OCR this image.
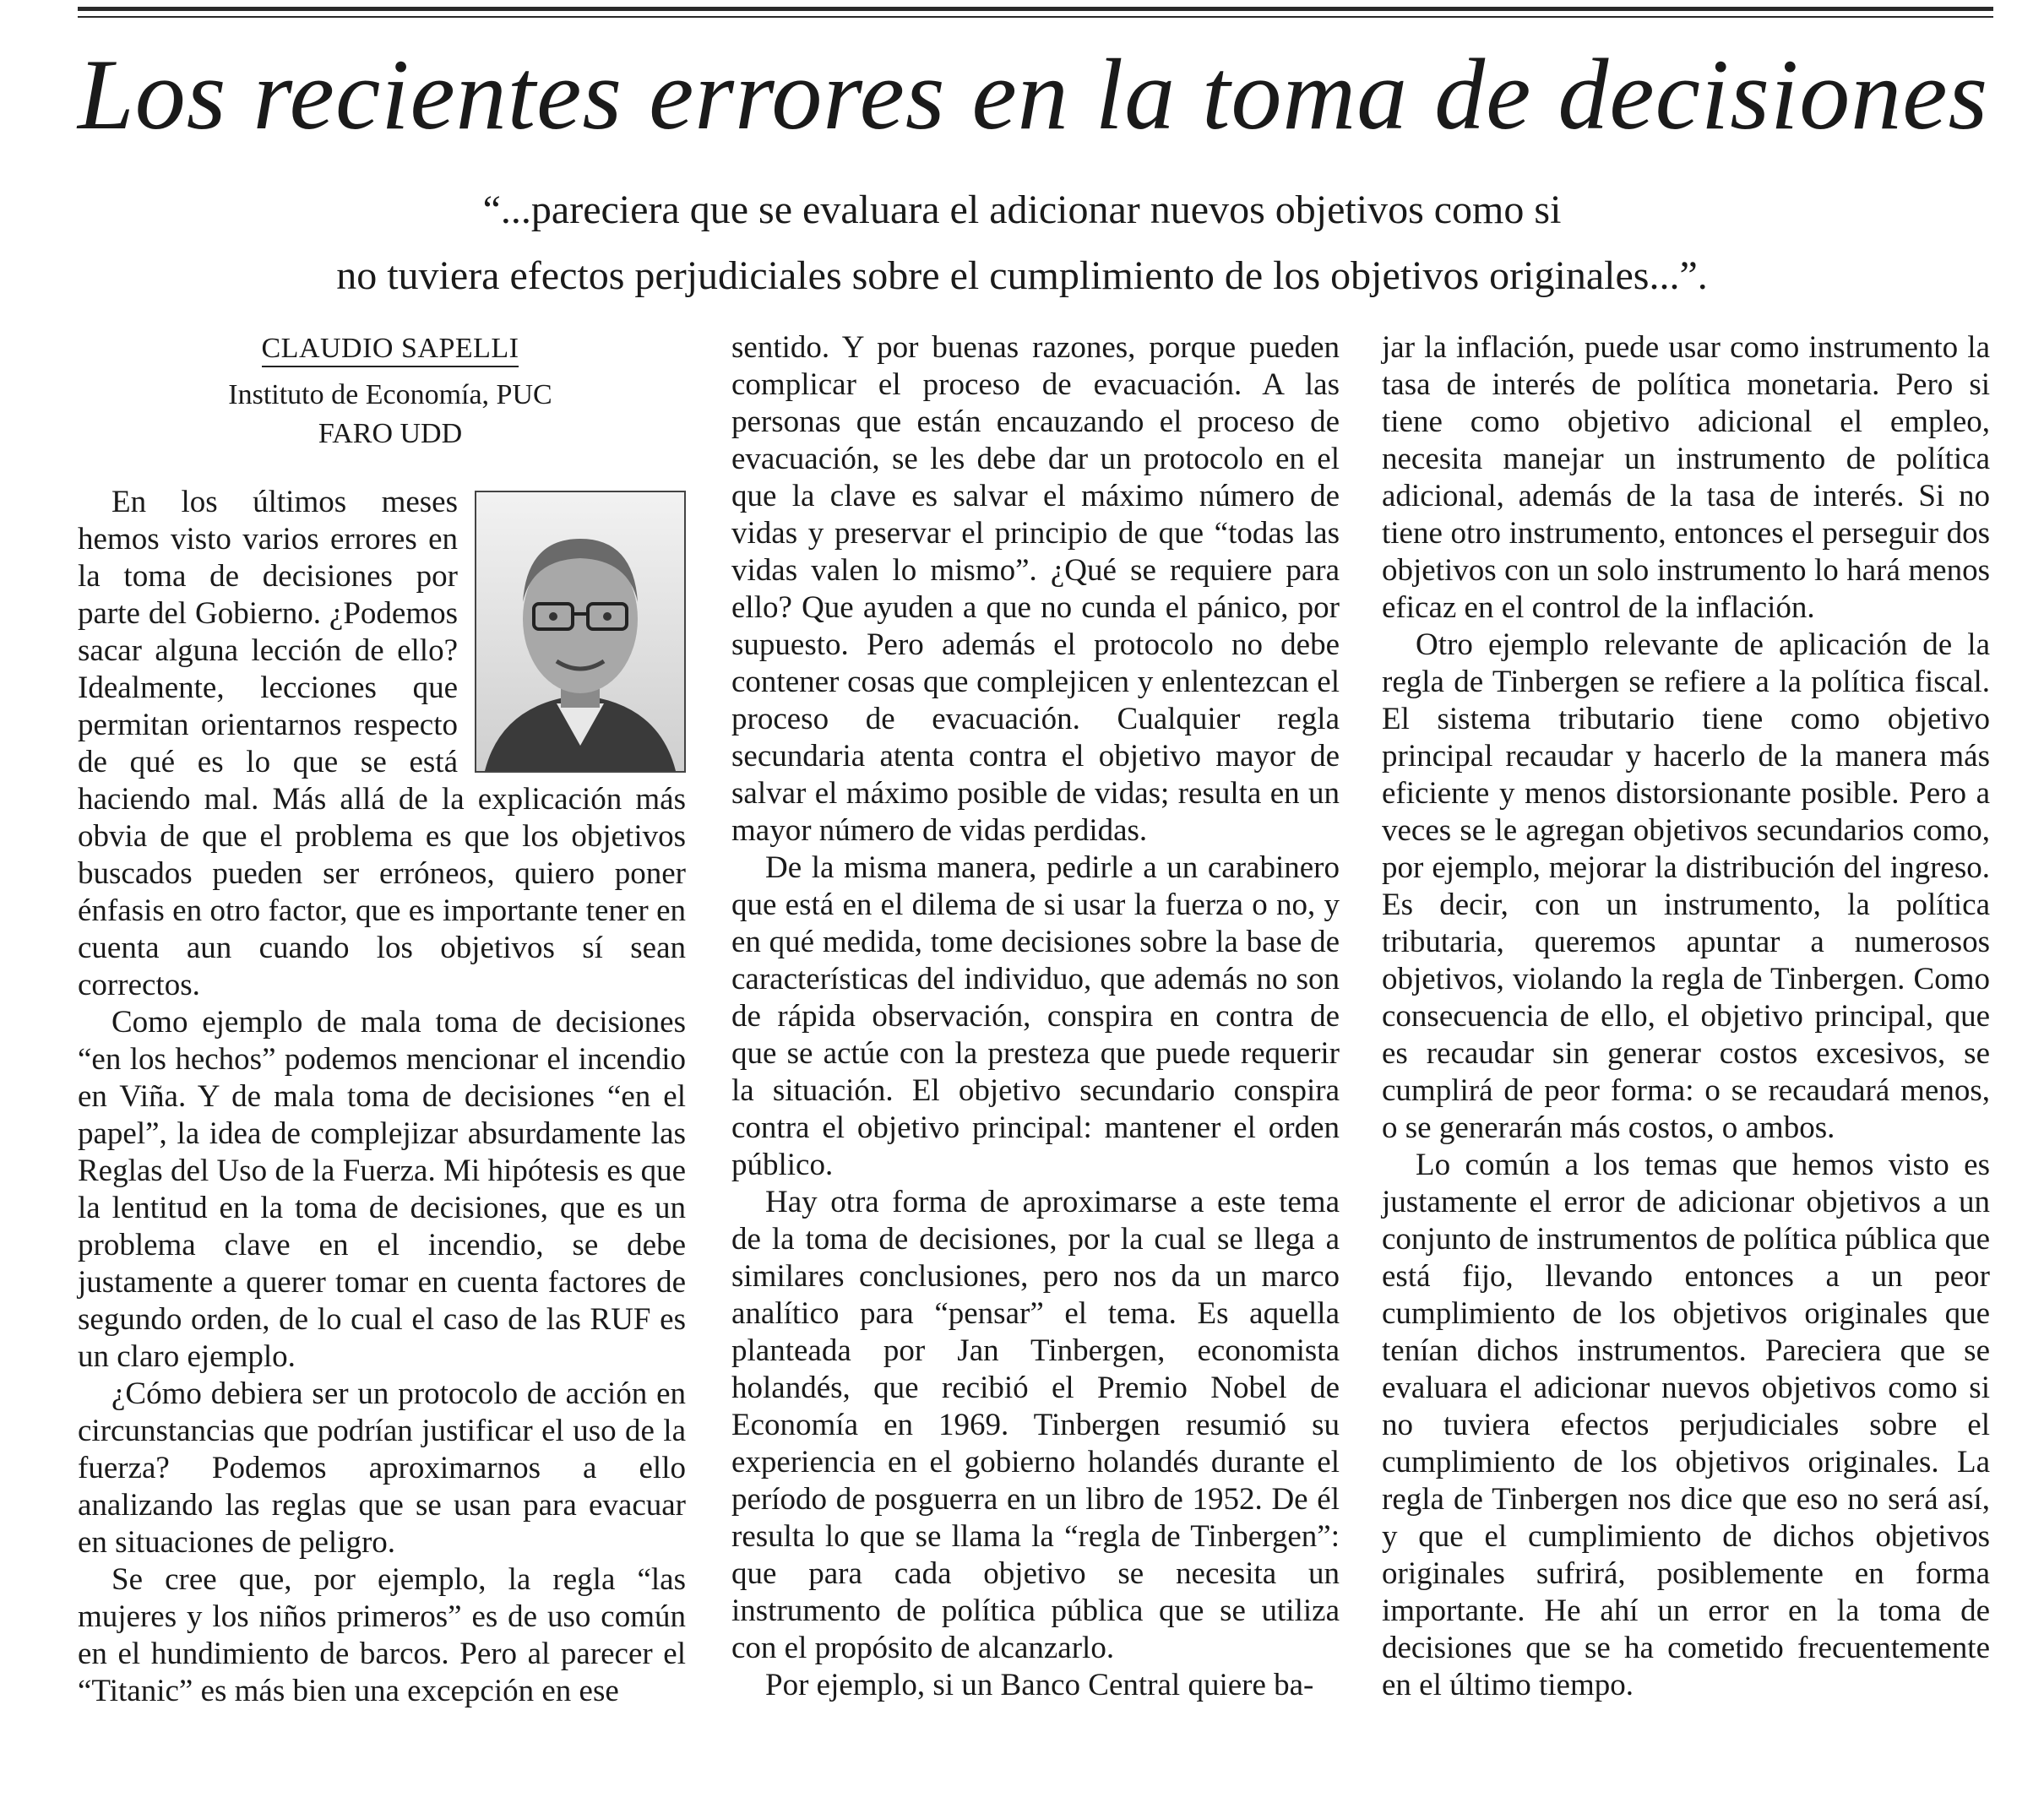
Los recientes errores en la toma de decisiones
“...pareciera que se evaluara el adicionar nuevos objetivos como si
no tuviera efectos perjudiciales sobre el cumplimiento de los objetivos originales...”.
CLAUDIO SAPELLI
Instituto de Economía, PUC
FARO UDD

En los últimos meses hemos visto varios errores en la toma de decisiones por parte del Gobierno. ¿Podemos sacar alguna lección de ello? Idealmente, lecciones que permitan orientarnos respecto de qué es lo que se está haciendo mal. Más allá de la explicación más obvia de que el problema es que los objetivos buscados pueden ser erróneos, quiero poner énfasis en otro factor, que es importante tener en cuenta aun cuando los objetivos sí sean correctos.

Como ejemplo de mala toma de decisiones “en los hechos” podemos mencionar el incendio en Viña. Y de mala toma de decisiones “en el papel”, la idea de complejizar absurdamente las Reglas del Uso de la Fuerza. Mi hipótesis es que la lentitud en la toma de decisiones, que es un problema clave en el incendio, se debe justamente a querer tomar en cuenta factores de segundo orden, de lo cual el caso de las RUF es un claro ejemplo.

¿Cómo debiera ser un protocolo de acción en circunstancias que podrían justificar el uso de la fuerza? Podemos aproximarnos a ello analizando las reglas que se usan para evacuar en situaciones de peligro.

Se cree que, por ejemplo, la regla “las mujeres y los niños primeros” es de uso común en el hundimiento de barcos. Pero al parecer el “Titanic” es más bien una excepción en ese

sentido. Y por buenas razones, porque pueden complicar el proceso de evacuación. A las personas que están encauzando el proceso de evacuación, se les debe dar un protocolo en el que la clave es salvar el máximo número de vidas y preservar el principio de que “todas las vidas valen lo mismo”. ¿Qué se requiere para ello? Que ayuden a que no cunda el pánico, por supuesto. Pero además el protocolo no debe contener cosas que complejicen y enlentezcan el proceso de evacuación. Cualquier regla secundaria atenta contra el objetivo mayor de salvar el máximo posible de vidas; resulta en un mayor número de vidas perdidas.

De la misma manera, pedirle a un carabinero que está en el dilema de si usar la fuerza o no, y en qué medida, tome decisiones sobre la base de características del individuo, que además no son de rápida observación, conspira en contra de que se actúe con la presteza que puede requerir la situación. El objetivo secundario conspira contra el objetivo principal: mantener el orden público.

Hay otra forma de aproximarse a este tema de la toma de decisiones, por la cual se llega a similares conclusiones, pero nos da un marco analítico para “pensar” el tema. Es aquella planteada por Jan Tinbergen, economista holandés, que recibió el Premio Nobel de Economía en 1969. Tinbergen resumió su experiencia en el gobierno holandés durante el período de posguerra en un libro de 1952. De él resulta lo que se llama la “regla de Tinbergen”: que para cada objetivo se necesita un instrumento de política pública que se utiliza con el propósito de alcanzarlo.

Por ejemplo, si un Banco Central quiere ba-

jar la inflación, puede usar como instrumento la tasa de interés de política monetaria. Pero si tiene como objetivo adicional el empleo, necesita manejar un instrumento de política adicional, además de la tasa de interés. Si no tiene otro instrumento, entonces el perseguir dos objetivos con un solo instrumento lo hará menos eficaz en el control de la inflación.

Otro ejemplo relevante de aplicación de la regla de Tinbergen se refiere a la política fiscal. El sistema tributario tiene como objetivo principal recaudar y hacerlo de la manera más eficiente y menos distorsionante posible. Pero a veces se le agregan objetivos secundarios como, por ejemplo, mejorar la distribución del ingreso. Es decir, con un instrumento, la política tributaria, queremos apuntar a numerosos objetivos, violando la regla de Tinbergen. Como consecuencia de ello, el objetivo principal, que es recaudar sin generar costos excesivos, se cumplirá de peor forma: o se recaudará menos, o se generarán más costos, o ambos.

Lo común a los temas que hemos visto es justamente el error de adicionar objetivos a un conjunto de instrumentos de política pública que está fijo, llevando entonces a un peor cumplimiento de los objetivos originales que tenían dichos instrumentos. Pareciera que se evaluara el adicionar nuevos objetivos como si no tuviera efectos perjudiciales sobre el cumplimiento de los objetivos originales. La regla de Tinbergen nos dice que eso no será así, y que el cumplimiento de dichos objetivos originales sufrirá, posiblemente en forma importante. He ahí un error en la toma de decisiones que se ha cometido frecuentemente en el último tiempo.
